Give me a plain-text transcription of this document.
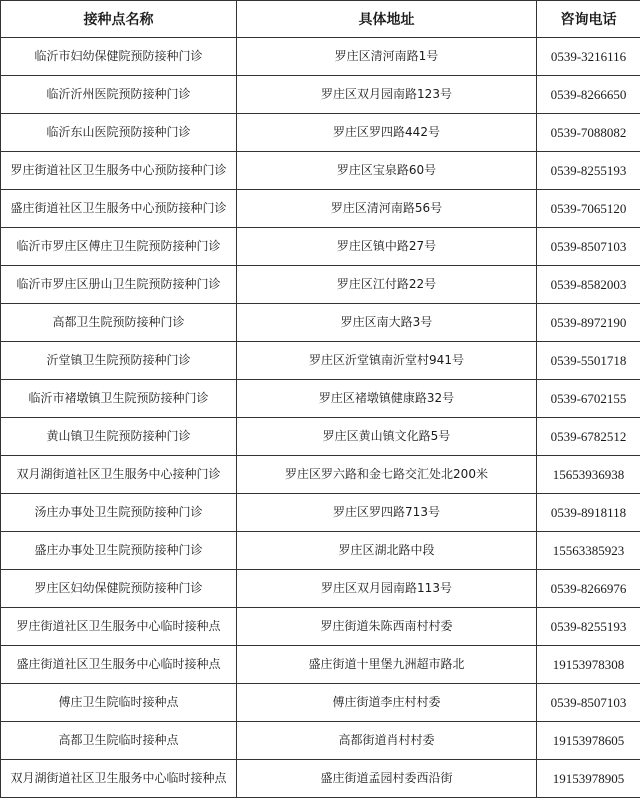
接种点名称	具体地址	咨询电话
临沂市妇幼保健院预防接种门诊	罗庄区清河南路1号	0539-3216116
临沂沂州医院预防接种门诊	罗庄区双月园南路123号	0539-8266650
临沂东山医院预防接种门诊	罗庄区罗四路442号	0539-7088082
罗庄街道社区卫生服务中心预防接种门诊	罗庄区宝泉路60号	0539-8255193
盛庄街道社区卫生服务中心预防接种门诊	罗庄区清河南路56号	0539-7065120
临沂市罗庄区傅庄卫生院预防接种门诊	罗庄区镇中路27号	0539-8507103
临沂市罗庄区册山卫生院预防接种门诊	罗庄区江付路22号	0539-8582003
高都卫生院预防接种门诊	罗庄区南大路3号	0539-8972190
沂堂镇卫生院预防接种门诊	罗庄区沂堂镇南沂堂村941号	0539-5501718
临沂市褚墩镇卫生院预防接种门诊	罗庄区褚墩镇健康路32号	0539-6702155
黄山镇卫生院预防接种门诊	罗庄区黄山镇文化路5号	0539-6782512
双月湖街道社区卫生服务中心接种门诊	罗庄区罗六路和金七路交汇处北200米	15653936938
汤庄办事处卫生院预防接种门诊	罗庄区罗四路713号	0539-8918118
盛庄办事处卫生院预防接种门诊	罗庄区湖北路中段	15563385923
罗庄区妇幼保健院预防接种门诊	罗庄区双月园南路113号	0539-8266976
罗庄街道社区卫生服务中心临时接种点	罗庄街道朱陈西南村村委	0539-8255193
盛庄街道社区卫生服务中心临时接种点	盛庄街道十里堡九洲超市路北	19153978308
傅庄卫生院临时接种点	傅庄街道李庄村村委	0539-8507103
高都卫生院临时接种点	高都街道肖村村委	19153978605
双月湖街道社区卫生服务中心临时接种点	盛庄街道孟园村委西沿街	19153978905
